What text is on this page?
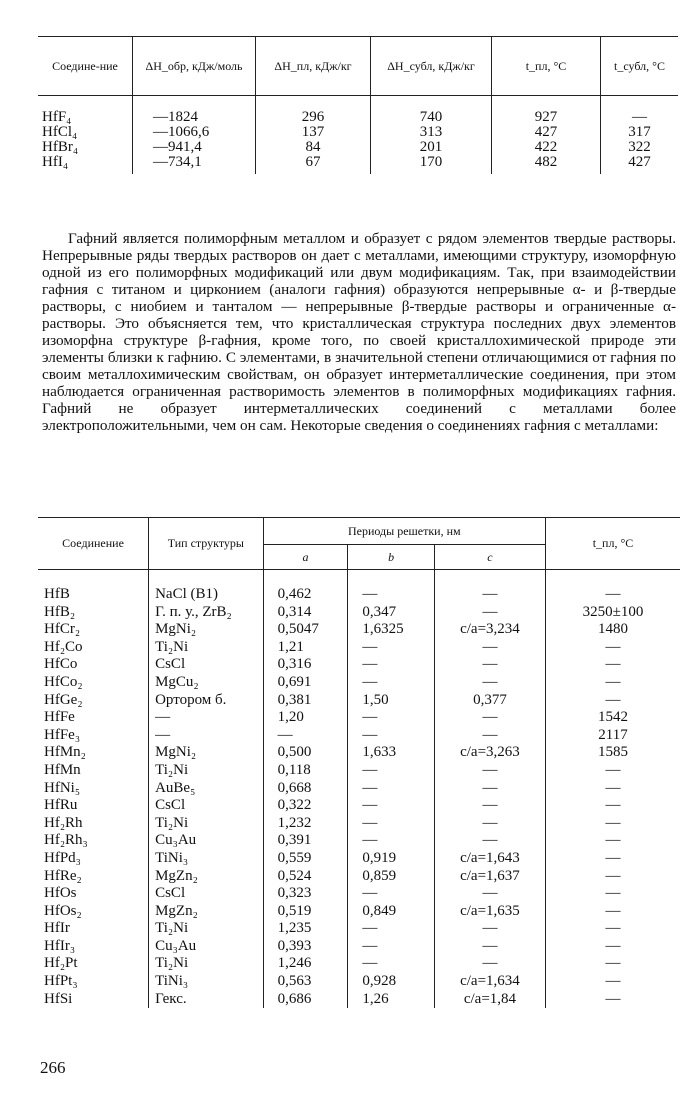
Соедине-ние	ΔH_обр, кДж/моль	ΔH_пл, кДж/кг	ΔH_субл, кДж/кг	t_пл, °C	t_субл, °C
HfF₄	—1824	296	740	927	—
HfCl₄	—1066,6	137	313	427	317
HfBr₄	—941,4	84	201	422	322
HfI₄	—734,1	67	170	482	427

Гафний является полиморфным металлом и образует с рядом элементов твердые растворы. Непрерывные ряды твердых растворов он дает с металлами, имеющими структуру, изоморфную одной из его полиморфных модификаций или двум модификациям. Так, при взаимодействии гафния с титаном и цирконием (аналоги гафния) образуются непрерывные α- и β-твердые растворы, с ниобием и танталом — непрерывные β-твердые растворы и ограниченные α-растворы. Это объясняется тем, что кристаллическая структура последних двух элементов изоморфна структуре β-гафния, кроме того, по своей кристаллохимической природе эти элементы близки к гафнию. С элементами, в значительной степени отличающимися от гафния по своим металлохимическим свойствам, он образует интерметаллические соединения, при этом наблюдается ограниченная растворимость элементов в полиморфных модификациях гафния. Гафний не образует интерметаллических соединений с металлами более электроположительными, чем он сам. Некоторые сведения о соединениях гафния с металлами:

Соединение	Тип структуры	Периоды решетки, нм			t_пл, °C
		a	b	c	
HfB	NaCl (B1)	0,462	—	—	—
HfB₂	Г. п. у., ZrB₂	0,314	0,347	—	3250±100
HfCr₂	MgNi₂	0,5047	1,6325	c/a=3,234	1480
Hf₂Co	Ti₂Ni	1,21	—	—	—
HfCo	CsCl	0,316	—	—	—
HfCo₂	MgCu₂	0,691	—	—	—
HfGe₂	Ортором б.	0,381	1,50	0,377	—
HfFe	—	1,20	—	—	1542
HfFe₃	—	—	—	—	2117
HfMn₂	MgNi₂	0,500	1,633	c/a=3,263	1585
HfMn	Ti₂Ni	0,118	—	—	—
HfNi₅	AuBe₅	0,668	—	—	—
HfRu	CsCl	0,322	—	—	—
Hf₂Rh	Ti₂Ni	1,232	—	—	—
Hf₂Rh₃	Cu₃Au	0,391	—	—	—
HfPd₃	TiNi₃	0,559	0,919	c/a=1,643	—
HfRe₂	MgZn₂	0,524	0,859	c/a=1,637	—
HfOs	CsCl	0,323	—	—	—
HfOs₂	MgZn₂	0,519	0,849	c/a=1,635	—
HfIr	Ti₂Ni	1,235	—	—	—
HfIr₃	Cu₃Au	0,393	—	—	—
Hf₂Pt	Ti₂Ni	1,246	—	—	—
HfPt₃	TiNi₃	0,563	0,928	c/a=1,634	—
HfSi	Гекс.	0,686	1,26	c/a=1,84	—
266
